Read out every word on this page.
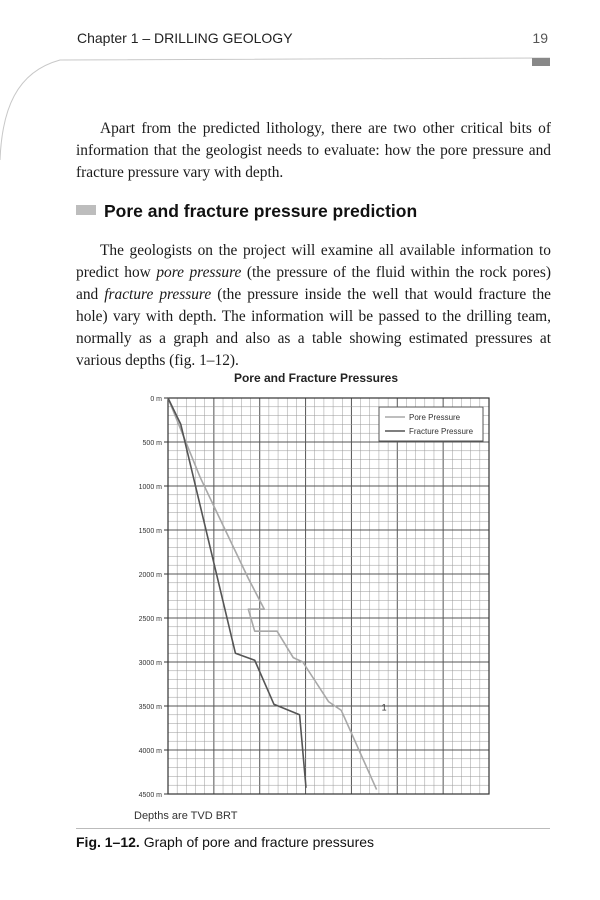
Chapter 1 – DRILLING GEOLOGY	19

Apart from the predicted lithology, there are two other critical bits of information that the geologist needs to evaluate: how the pore pressure and fracture pressure vary with depth.

Pore and fracture pressure prediction

The geologists on the project will examine all available information to predict how pore pressure (the pressure of the fluid within the rock pores) and fracture pressure (the pressure inside the well that would fracture the hole) vary with depth. The information will be passed to the drilling team, normally as a graph and also as a table showing estimated pressures at various depths (fig. 1–12).

Pore and Fracture Pressures
0 m
500 m
1000 m
1500 m
2000 m
2500 m
3000 m
3500 m
4000 m
4500 m
Pore Pressure
Fracture Pressure
1
Depths are TVD BRT
Fig. 1–12. Graph of pore and fracture pressures
